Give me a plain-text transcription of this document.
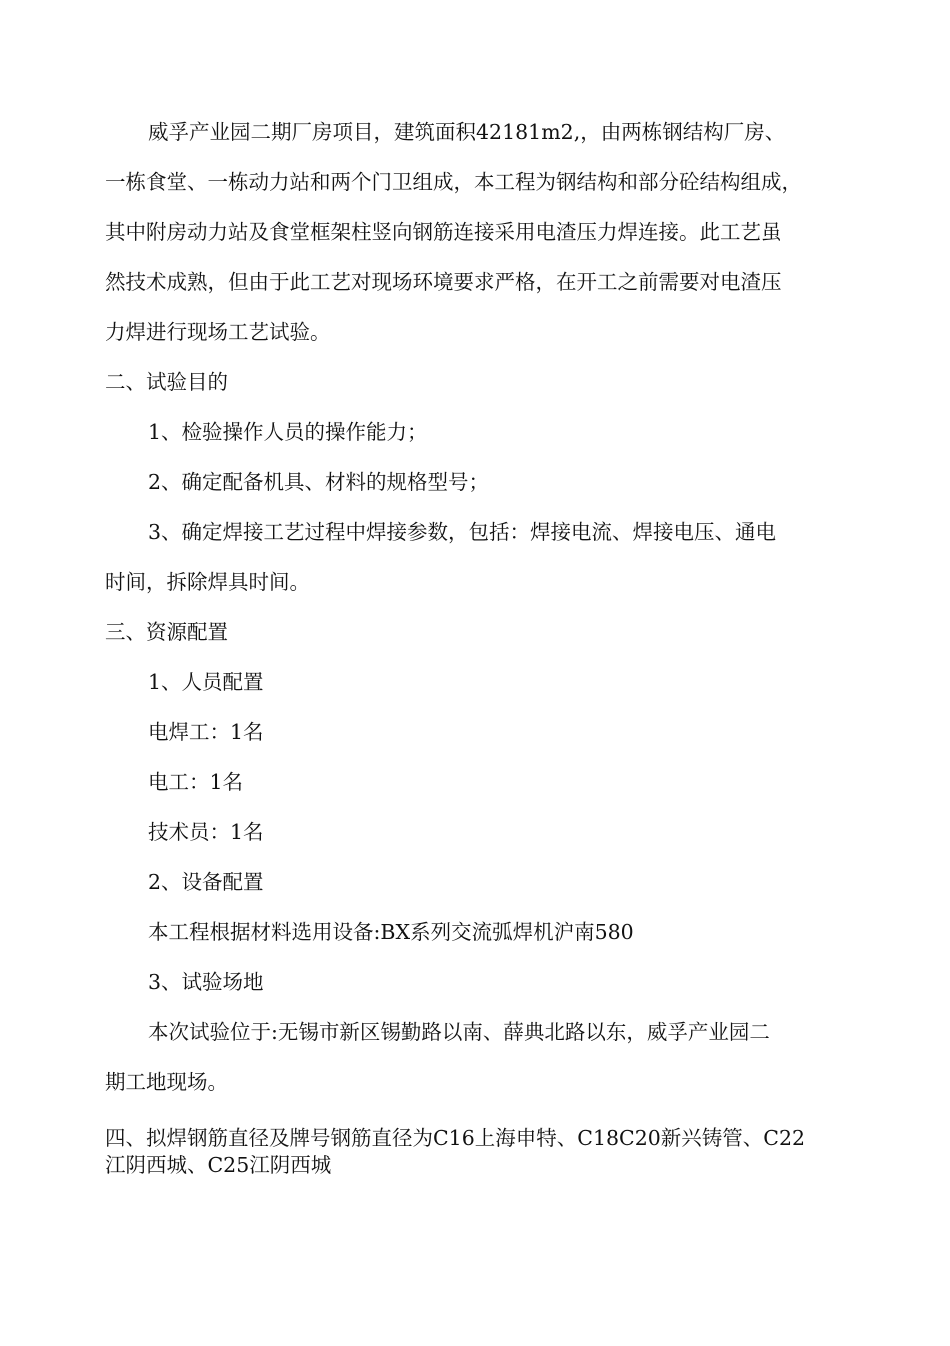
威孚产业园二期厂房项目，建筑面积42181m2,，由两栋钢结构厂房、
一栋食堂、一栋动力站和两个门卫组成，本工程为钢结构和部分砼结构组成，
其中附房动力站及食堂框架柱竖向钢筋连接采用电渣压力焊连接。此工艺虽
然技术成熟，但由于此工艺对现场环境要求严格，在开工之前需要对电渣压
力焊进行现场工艺试验。
二、试验目的
1、检验操作人员的操作能力；
2、确定配备机具、材料的规格型号；
3、确定焊接工艺过程中焊接参数，包括：焊接电流、焊接电压、通电
时间，拆除焊具时间。
三、资源配置
1、人员配置
电焊工：1名
电工：1名
技术员：1名
2、设备配置
本工程根据材料选用设备:BX系列交流弧焊机沪南580
3、试验场地
本次试验位于:无锡市新区锡勤路以南、薛典北路以东，威孚产业园二
期工地现场。
四、拟焊钢筋直径及牌号钢筋直径为C16上海申特、C18C20新兴铸管、C22
江阴西城、C25江阴西城
